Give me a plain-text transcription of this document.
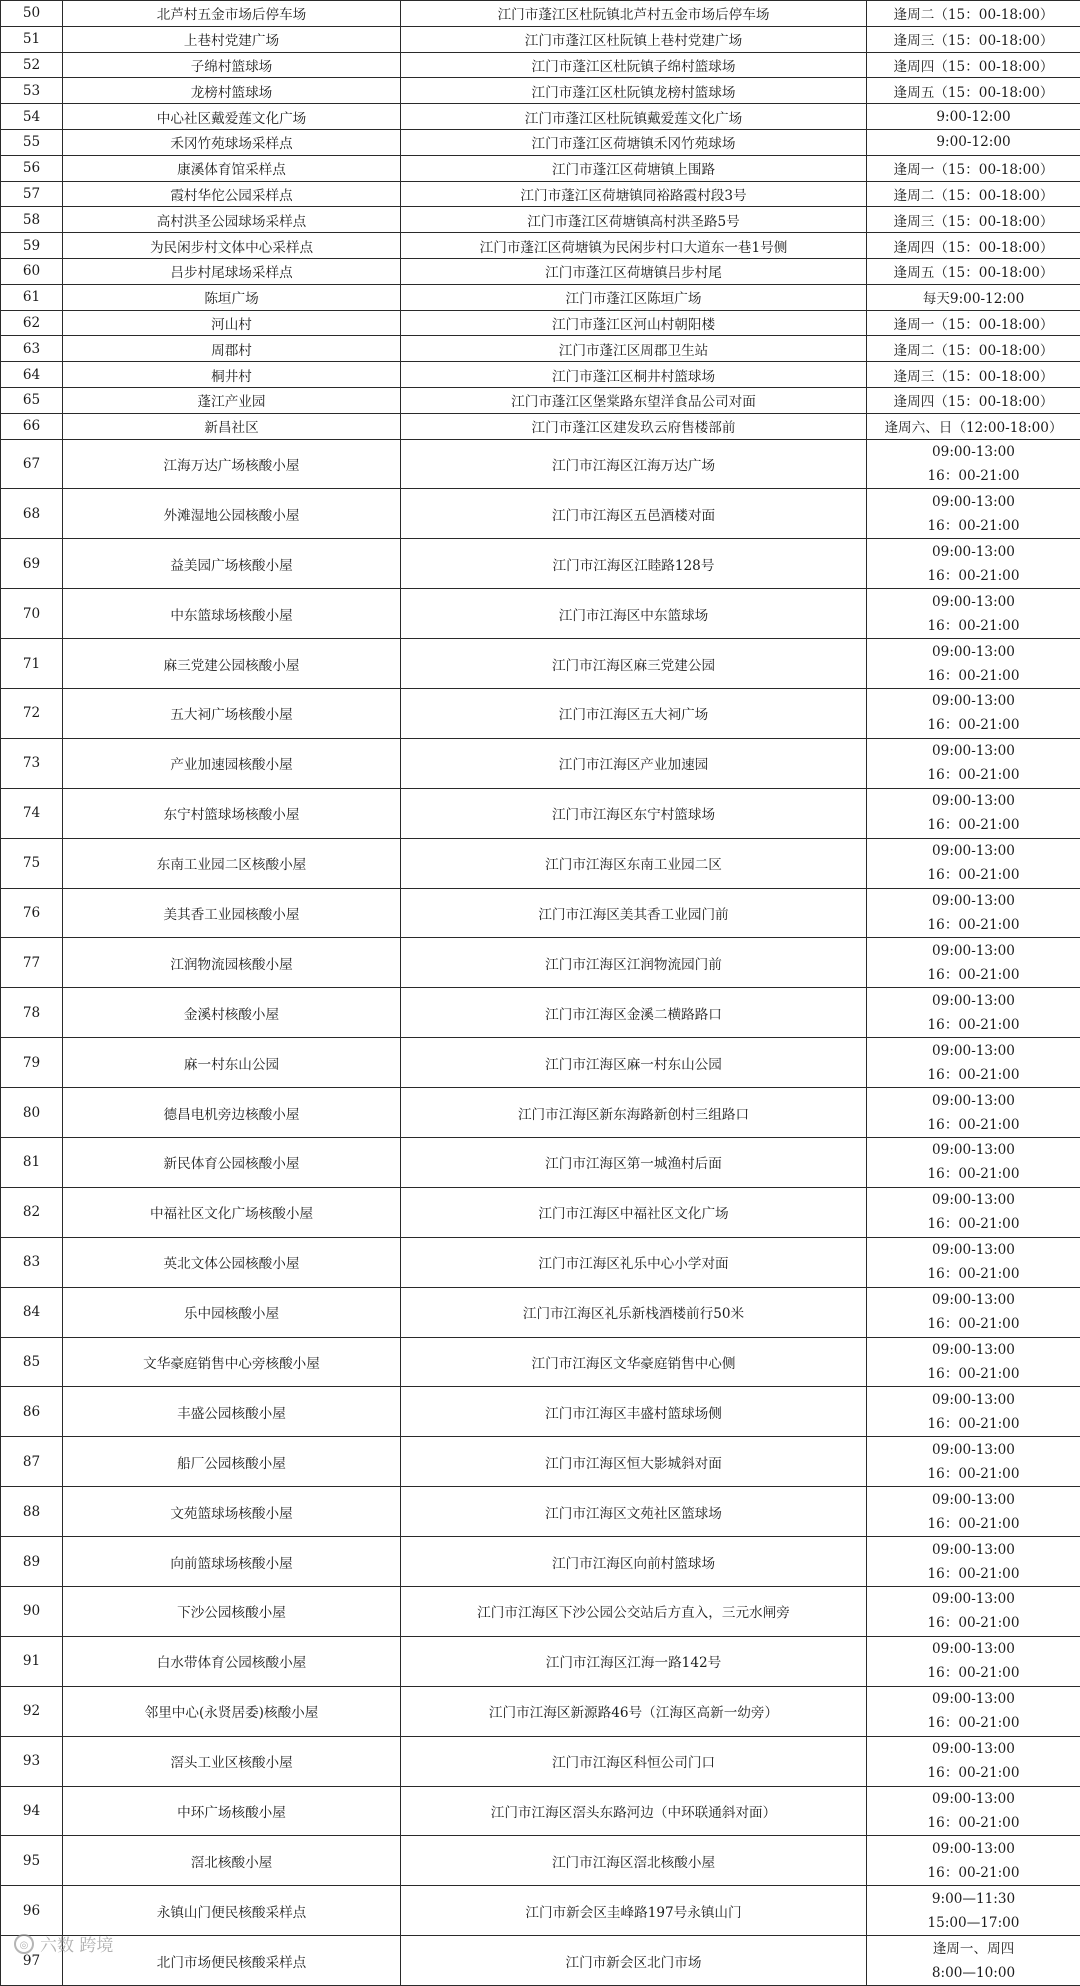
50	北芦村五金市场后停车场	江门市蓬江区杜阮镇北芦村五金市场后停车场	逢周二（15：00-18:00）

51	上巷村党建广场	江门市蓬江区杜阮镇上巷村党建广场	逢周三（15：00-18:00）

52	子绵村篮球场	江门市蓬江区杜阮镇子绵村篮球场	逢周四（15：00-18:00）

53	龙榜村篮球场	江门市蓬江区杜阮镇龙榜村篮球场	逢周五（15：00-18:00）

54	中心社区戴爱莲文化广场	江门市蓬江区杜阮镇戴爱莲文化广场	9:00-12:00

55	禾冈竹苑球场采样点	江门市蓬江区荷塘镇禾冈竹苑球场	9:00-12:00

56	康溪体育馆采样点	江门市蓬江区荷塘镇上围路	逢周一（15：00-18:00）

57	霞村华佗公园采样点	江门市蓬江区荷塘镇同裕路霞村段3号	逢周二（15：00-18:00）

58	高村洪圣公园球场采样点	江门市蓬江区荷塘镇高村洪圣路5号	逢周三（15：00-18:00）

59	为民闲步村文体中心采样点	江门市蓬江区荷塘镇为民闲步村口大道东一巷1号侧	逢周四（15：00-18:00）

60	吕步村尾球场采样点	江门市蓬江区荷塘镇吕步村尾	逢周五（15：00-18:00）

61	陈垣广场	江门市蓬江区陈垣广场	每天9:00-12:00

62	河山村	江门市蓬江区河山村朝阳楼	逢周一（15：00-18:00）

63	周郡村	江门市蓬江区周郡卫生站	逢周二（15：00-18:00）

64	桐井村	江门市蓬江区桐井村篮球场	逢周三（15：00-18:00）

65	蓬江产业园	江门市蓬江区堡棠路东望洋食品公司对面	逢周四（15：00-18:00）

66	新昌社区	江门市蓬江区建发玖云府售楼部前	逢周六、日（12:00-18:00）

67	江海万达广场核酸小屋	江门市江海区江海万达广场	09:00-13:00
16：00-21:00

68	外滩湿地公园核酸小屋	江门市江海区五邑酒楼对面	09:00-13:00
16：00-21:00

69	益美园广场核酸小屋	江门市江海区江睦路128号	09:00-13:00
16：00-21:00

70	中东篮球场核酸小屋	江门市江海区中东篮球场	09:00-13:00
16：00-21:00

71	麻三党建公园核酸小屋	江门市江海区麻三党建公园	09:00-13:00
16：00-21:00

72	五大祠广场核酸小屋	江门市江海区五大祠广场	09:00-13:00
16：00-21:00

73	产业加速园核酸小屋	江门市江海区产业加速园	09:00-13:00
16：00-21:00

74	东宁村篮球场核酸小屋	江门市江海区东宁村篮球场	09:00-13:00
16：00-21:00

75	东南工业园二区核酸小屋	江门市江海区东南工业园二区	09:00-13:00
16：00-21:00

76	美其香工业园核酸小屋	江门市江海区美其香工业园门前	09:00-13:00
16：00-21:00

77	江润物流园核酸小屋	江门市江海区江润物流园门前	09:00-13:00
16：00-21:00

78	金溪村核酸小屋	江门市江海区金溪二横路路口	09:00-13:00
16：00-21:00

79	麻一村东山公园	江门市江海区麻一村东山公园	09:00-13:00
16：00-21:00

80	德昌电机旁边核酸小屋	江门市江海区新东海路新创村三组路口	09:00-13:00
16：00-21:00

81	新民体育公园核酸小屋	江门市江海区第一城渔村后面	09:00-13:00
16：00-21:00

82	中福社区文化广场核酸小屋	江门市江海区中福社区文化广场	09:00-13:00
16：00-21:00

83	英北文体公园核酸小屋	江门市江海区礼乐中心小学对面	09:00-13:00
16：00-21:00

84	乐中园核酸小屋	江门市江海区礼乐新栈酒楼前行50米	09:00-13:00
16：00-21:00

85	文华豪庭销售中心旁核酸小屋	江门市江海区文华豪庭销售中心侧	09:00-13:00
16：00-21:00

86	丰盛公园核酸小屋	江门市江海区丰盛村篮球场侧	09:00-13:00
16：00-21:00

87	船厂公园核酸小屋	江门市江海区恒大影城斜对面	09:00-13:00
16：00-21:00

88	文苑篮球场核酸小屋	江门市江海区文苑社区篮球场	09:00-13:00
16：00-21:00

89	向前篮球场核酸小屋	江门市江海区向前村篮球场	09:00-13:00
16：00-21:00

90	下沙公园核酸小屋	江门市江海区下沙公园公交站后方直入，三元水闸旁	09:00-13:00
16：00-21:00

91	白水带体育公园核酸小屋	江门市江海区江海一路142号	09:00-13:00
16：00-21:00

92	邻里中心(永贤居委)核酸小屋	江门市江海区新源路46号（江海区高新一幼旁）	09:00-13:00
16：00-21:00

93	滘头工业区核酸小屋	江门市江海区科恒公司门口	09:00-13:00
16：00-21:00

94	中环广场核酸小屋	江门市江海区滘头东路河边（中环联通斜对面）	09:00-13:00
16：00-21:00

95	滘北核酸小屋	江门市江海区滘北核酸小屋	09:00-13:00
16：00-21:00

96	永镇山门便民核酸采样点	江门市新会区圭峰路197号永镇山门	9:00—11:30
15:00—17:00

97	北门市场便民核酸采样点	江门市新会区北门市场	逢周一、周四
8:00—10:00
◎ 六数 跨境
